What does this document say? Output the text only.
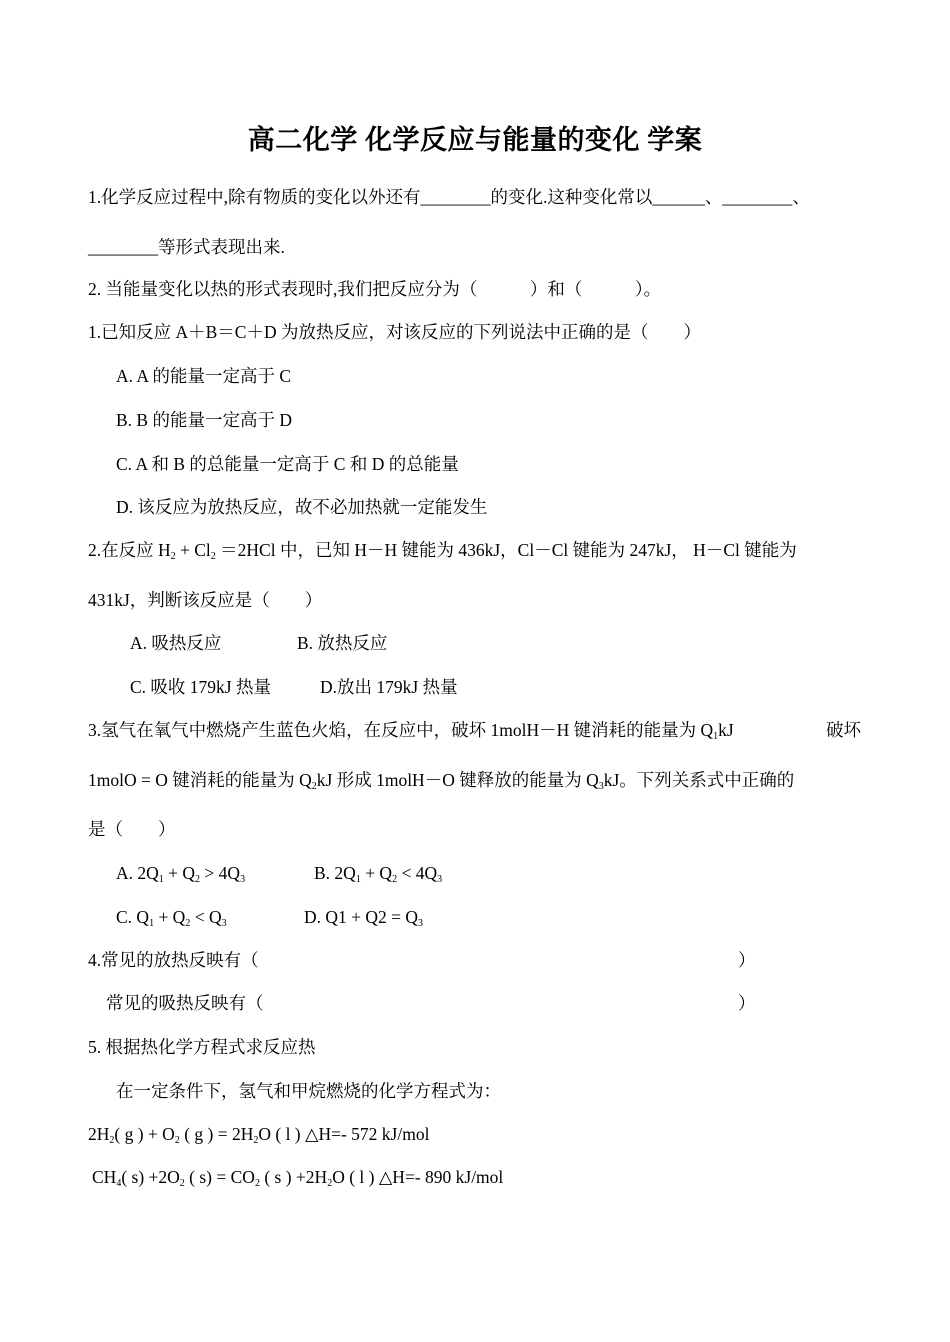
高二化学 化学反应与能量的变化 学案
1.化学反应过程中,除有物质的变化以外还有________的变化.这种变化常以______、________、
________等形式表现出来.
2. 当能量变化以热的形式表现时,我们把反应分为（　　　）和（　　　）。
1.已知反应 A＋B＝C＋D 为放热反应，对该反应的下列说法中正确的是（　　）
A. A 的能量一定高于 C
B. B 的能量一定高于 D
C. A 和 B 的总能量一定高于 C 和 D 的总能量
D. 该反应为放热反应，故不必加热就一定能发生
2.在反应 $H_2 + Cl_2 =2HCl$ 中，已知 H－H 键能为 436kJ，Cl－Cl 键能为 247kJ， H－Cl 键能为
431kJ，判断该反应是（　　）
A. 吸热反应	B. 放热反应
C. 吸收 179kJ 热量	D.放出 179kJ 热量
3.氢气在氧气中燃烧产生蓝色火焰，在反应中，破坏 1molH－H 键消耗的能量为 $Q_1kJ$	破坏
1molO = O 键消耗的能量为 $Q_2kJ$ 形成 1molH－O 键释放的能量为 $Q_3kJ$。下列关系式中正确的
是（　　）
A. $2Q_1 + Q_2 > 4Q_3$	B. $2Q_1 + Q_2 < 4Q_3$
C. $Q_1 + Q_2 < Q_3$	D. $Q1 + Q2 = Q_3$
4.常见的放热反映有（	）
常见的吸热反映有（	）
5. 根据热化学方程式求反应热
在一定条件下，氢气和甲烷燃烧的化学方程式为：
$2H_2$( g ) + $O_2$ ( g ) = $2H_2O$ ( l ) △H=- 572 kJ/mol
$CH_4$( $s) +2O_2$ ( $s) = CO_2$ ( s ) $+2H_2O$ ( l ) △H=- 890 kJ/mol
